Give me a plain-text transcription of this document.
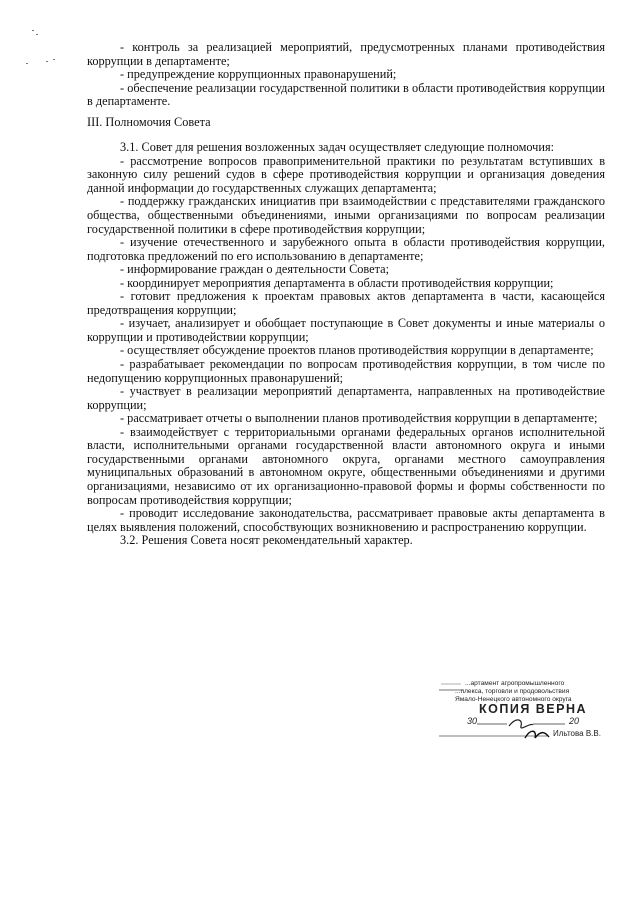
- контроль за реализацией мероприятий, предусмотренных планами противодействия коррупции в департаменте;

- предупреждение коррупционных правонарушений;

- обеспечение реализации государственной политики в области противодействия коррупции в департаменте.

III. Полномочия Совета

3.1. Совет для решения возложенных задач осуществляет следующие полномочия:

- рассмотрение вопросов правоприменительной практики по результатам вступивших в законную силу решений судов в сфере противодействия коррупции и организация доведения данной информации до государственных служащих департамента;

- поддержку гражданских инициатив при взаимодействии с представителями гражданского общества, общественными объединениями, иными организациями по вопросам реализации государственной политики в сфере противодействия коррупции;

- изучение отечественного и зарубежного опыта в области противодействия коррупции, подготовка предложений по его использованию в департаменте;

- информирование граждан о деятельности Совета;

- координирует мероприятия департамента в области противодействия коррупции;

- готовит предложения к проектам правовых актов департамента в части, касающейся предотвращения коррупции;

- изучает, анализирует и обобщает поступающие в Совет документы и иные материалы о коррупции и противодействии коррупции;

- осуществляет обсуждение проектов планов противодействия коррупции в департаменте;

- разрабатывает рекомендации по вопросам противодействия коррупции, в том числе по недопущению коррупционных правонарушений;

- участвует в реализации мероприятий департамента, направленных на противодействие коррупции;

- рассматривает отчеты о выполнении планов противодействия коррупции в департаменте;

- взаимодействует с территориальными органами федеральных органов исполнительной власти, исполнительными органами государственной власти автономного округа и иными государственными органами автономного округа, органами местного самоуправления муниципальных образований в автономном округе, общественными объединениями и другими организациями, независимо от их организационно-правовой формы и формы собственности по вопросам противодействия коррупции;

- проводит исследование законодательства, рассматривает правовые акты департамента в целях выявления положений, способствующих возникновению и распространению коррупции.

3.2. Решения Совета носят рекомендательный характер.

...артамент агропромышленного
...плекса, торговли и продовольствия
Ямало-Ненецкого автономного округа
КОПИЯ ВЕРНА
30	20
Ильтова В.В.
